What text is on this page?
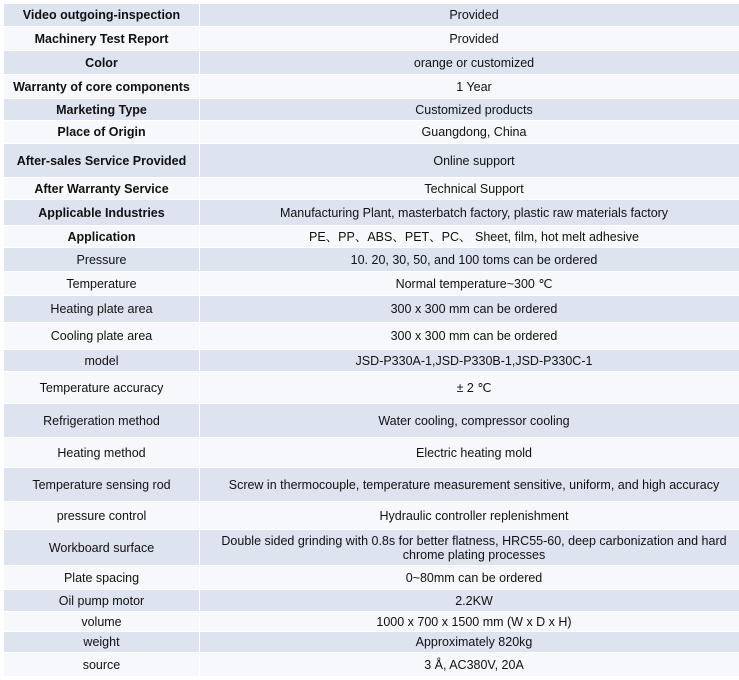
Video outgoing-inspection	Provided
Machinery Test Report	Provided
Color	orange or customized
Warranty of core components	1 Year
Marketing Type	Customized products
Place of Origin	Guangdong, China
After-sales Service Provided	Online support
After Warranty Service	Technical Support
Applicable Industries	Manufacturing Plant, masterbatch factory, plastic raw materials factory
Application	PE、PP、ABS、PET、PC、 Sheet, film, hot melt adhesive
Pressure	10. 20, 30, 50, and 100 toms can be ordered
Temperature	Normal temperature~300 ℃
Heating plate area	300 x 300 mm can be ordered
Cooling plate area	300 x 300 mm can be ordered
model	JSD-P330A-1,JSD-P330B-1,JSD-P330C-1
Temperature accuracy	± 2 ℃
Refrigeration method	Water cooling, compressor cooling
Heating method	Electric heating mold
Temperature sensing rod	Screw in thermocouple, temperature measurement sensitive, uniform, and high accuracy
pressure control	Hydraulic controller replenishment
Workboard surface	Double sided grinding with 0.8s for better flatness, HRC55-60, deep carbonization and hard chrome plating processes
Plate spacing	0~80mm can be ordered
Oil pump motor	2.2KW
volume	1000 x 700 x 1500 mm (W x D x H)
weight	Approximately 820kg
source	3 Å, AC380V, 20A
